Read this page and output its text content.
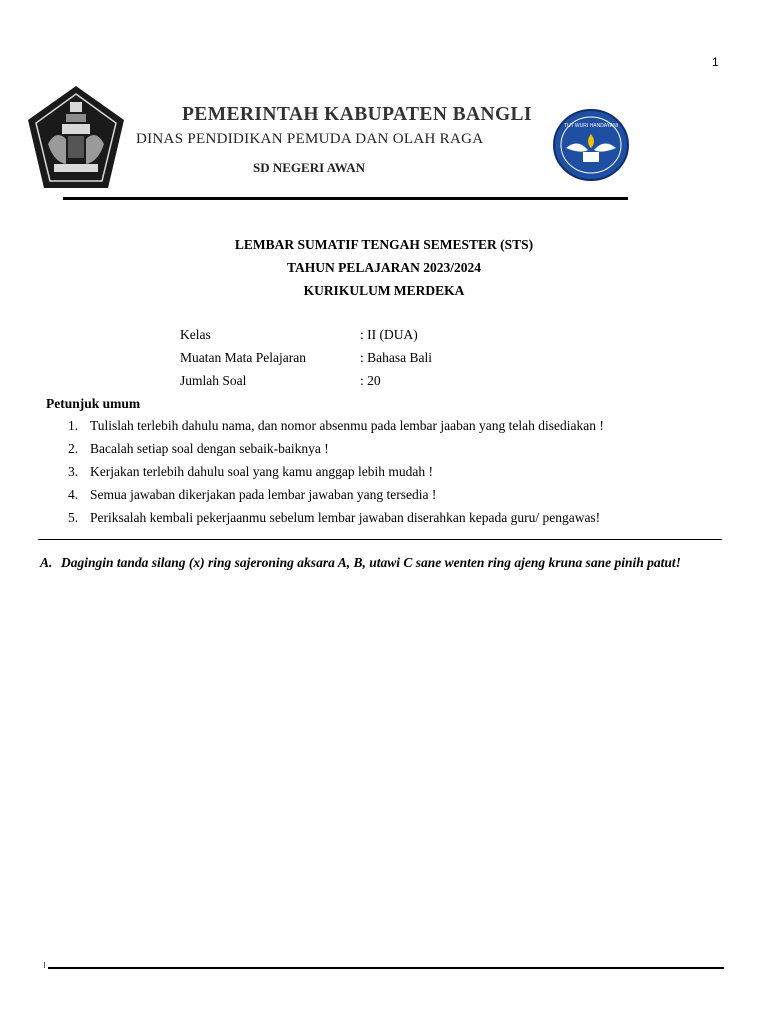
1
PEMERINTAH KABUPATEN BANGLI
DINAS PENDIDIKAN PEMUDA DAN OLAH RAGA
SD NEGERI AWAN
TUT WURI HANDAYANI
LEMBAR SUMATIF TENGAH SEMESTER (STS)
TAHUN PELAJARAN 2023/2024
KURIKULUM MERDEKA
Kelas	: II (DUA)
Muatan Mata Pelajaran	: Bahasa Bali
Jumlah Soal	: 20
Petunjuk umum
1. Tulislah terlebih dahulu nama, dan nomor absenmu pada lembar jaaban yang telah disediakan !
2. Bacalah setiap soal dengan sebaik-baiknya !
3. Kerjakan terlebih dahulu soal yang kamu anggap lebih mudah !
4. Semua jawaban dikerjakan pada lembar jawaban yang tersedia !
5. Periksalah kembali pekerjaanmu sebelum lembar jawaban diserahkan kepada guru/ pengawas!
A. Dagingin tanda silang (x) ring sajeroning aksara A, B, utawi C sane wenten ring ajeng kruna sane pinih patut!
